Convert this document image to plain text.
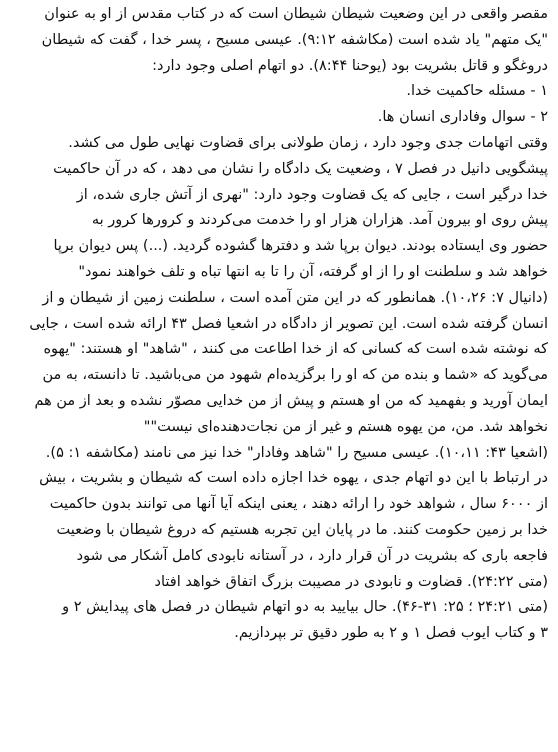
مقصر واقعی در این وضعیت شیطان شیطان است که در کتاب مقدس از او به عنوان
"یک متهم" یاد شده است (مکاشفه ۹:۱۲). عیسی مسیح ، پسر خدا ، گفت که شیطان
دروغگو و قاتل بشریت بود (یوحنا ۸:۴۴). دو اتهام اصلی وجود دارد:
۱ - مسئله حاکمیت خدا.
۲ - سوال وفاداری انسان ها.
وقتی اتهامات جدی وجود دارد ، زمان طولانی برای قضاوت نهایی طول می کشد.
پیشگویی دانیل در فصل ۷ ، وضعیت یک دادگاه را نشان می دهد ، که در آن حاکمیت
خدا درگیر است ، جایی که یک قضاوت وجود دارد: "نهری از آتش جاری شده، از
پیش روی او بیرون آمد. هزاران هزار او را خدمت می‌کردند و کرورها کرور به
حضور وی ایستاده بودند. دیوان برپا شد و دفترها گشوده گردید. (...) پس دیوان برپا
خواهد شد و سلطنت او را از او گرفته، آن را تا به انتها تباه و تلف خواهند نمود"
(دانیال ۷: ۱۰،۲۶). همانطور که در این متن آمده است ، سلطنت زمین از شیطان و از
انسان گرفته شده است. این تصویر از دادگاه در اشعیا فصل ۴۳ ارائه شده است ، جایی
که نوشته شده است که کسانی که از خدا اطاعت می کنند ، "شاهد" او هستند: "یهوه
می‌گوید که «شما و بنده من که او را برگزیده‌ام شهود من می‌باشید. تا دانسته، به من
ایمان آورید و بفهمید که من او هستم و پیش از من خدایی مصوّر نشده و بعد از من هم
نخواهد شد. من، من یهوه هستم و غیر از من نجات‌دهنده‌ای نیست""
(اشعیا ۴۳: ۱۰،۱۱). عیسی مسیح را "شاهد وفادار" خدا نیز می نامند (مکاشفه ۱: ۵).
در ارتباط با این دو اتهام جدی ، یهوه خدا اجازه داده است که شیطان و بشریت ، بیش
از ۶۰۰۰ سال ، شواهد خود را ارائه دهند ، یعنی اینکه آیا آنها می توانند بدون حاکمیت
خدا بر زمین حکومت کنند. ما در پایان این تجربه هستیم که دروغ شیطان با وضعیت
فاجعه باری که بشریت در آن قرار دارد ، در آستانه نابودی کامل آشکار می شود
(متی ۲۴:۲۲). قضاوت و نابودی در مصیبت بزرگ اتفاق خواهد افتاد
(متی ۲۴:۲۱ ؛ ۲۵: ۳۱-۴۶). حال بیایید به دو اتهام شیطان در فصل های پیدایش ۲ و
۳ و کتاب ایوب فصل ۱ و ۲ به طور دقیق تر بپردازیم.
